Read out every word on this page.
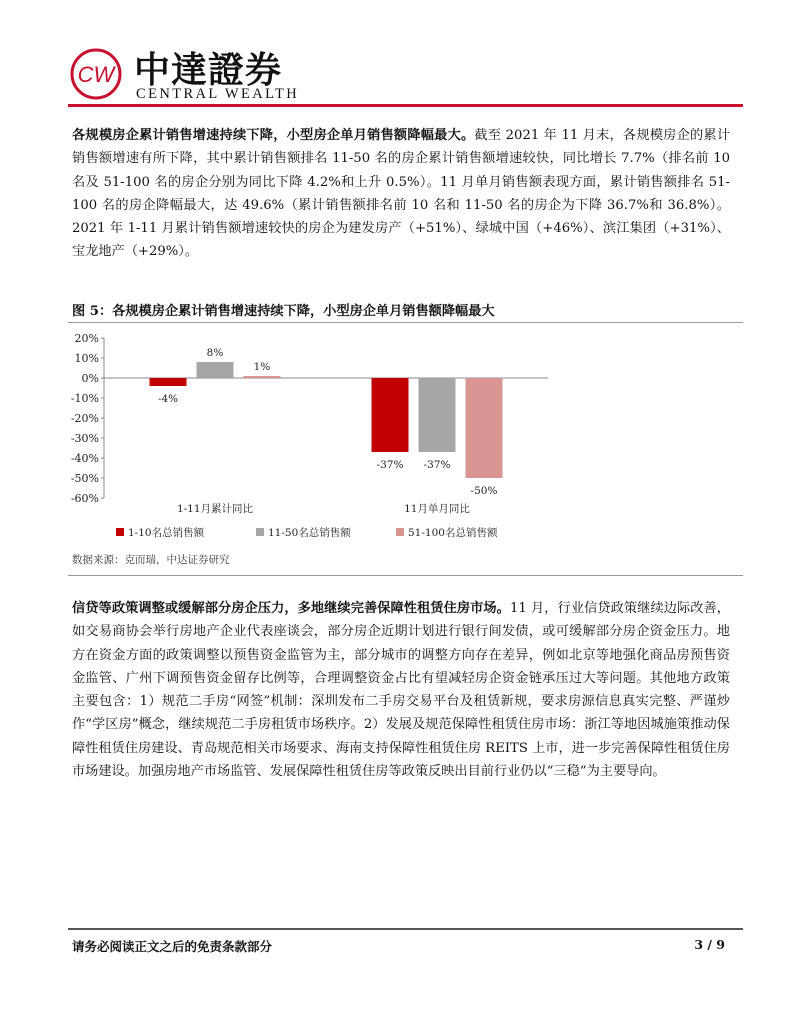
CW 中達證券
CENTRAL WEALTH
各规模房企累计销售增速持续下降，小型房企单月销售额降幅最大。截至 2021 年 11 月末，各规模房企的累计销售额增速有所下降，其中累计销售额排名 11-50 名的房企累计销售额增速较快，同比增长 7.7%（排名前 10 名及 51-100 名的房企分别为同比下降 4.2%和上升 0.5%）。11 月单月销售额表现方面，累计销售额排名 51-100 名的房企降幅最大，达 49.6%（累计销售额排名前 10 名和 11-50 名的房企为下降 36.7%和 36.8%）。2021 年 1-11 月累计销售额增速较快的房企为建发房产（+51%）、绿城中国（+46%）、滨江集团（+31%）、宝龙地产（+29%）。
图 5：各规模房企累计销售增速持续下降，小型房企单月销售额降幅最大
20%
10%
0%
-10%
-20%
-30%
-40%
-50%
-60%
-4%
8%
1%
1-11月累计同比
-37% -37%
-50%
11月单月同比
1-10名总销售额	11-50名总销售额	51-100名总销售额
数据来源：克而瑞，中达证券研究
信贷等政策调整或缓解部分房企压力，多地继续完善保障性租赁住房市场。11 月，行业信贷政策继续边际改善，如交易商协会举行房地产企业代表座谈会，部分房企近期计划进行银行间发债，或可缓解部分房企资金压力。地方在资金方面的政策调整以预售资金监管为主，部分城市的调整方向存在差异，例如北京等地强化商品房预售资金监管、广州下调预售资金留存比例等，合理调整资金占比有望减轻房企资金链承压过大等问题。其他地方政策主要包含：1）规范二手房“网签”机制：深圳发布二手房交易平台及租赁新规，要求房源信息真实完整、严谨炒作“学区房”概念，继续规范二手房租赁市场秩序。2）发展及规范保障性租赁住房市场：浙江等地因城施策推动保障性租赁住房建设、青岛规范相关市场要求、海南支持保障性租赁住房 REITS 上市，进一步完善保障性租赁住房市场建设。加强房地产市场监管、发展保障性租赁住房等政策反映出目前行业仍以“三稳”为主要导向。
请务必阅读正文之后的免责条款部分	3 / 9
